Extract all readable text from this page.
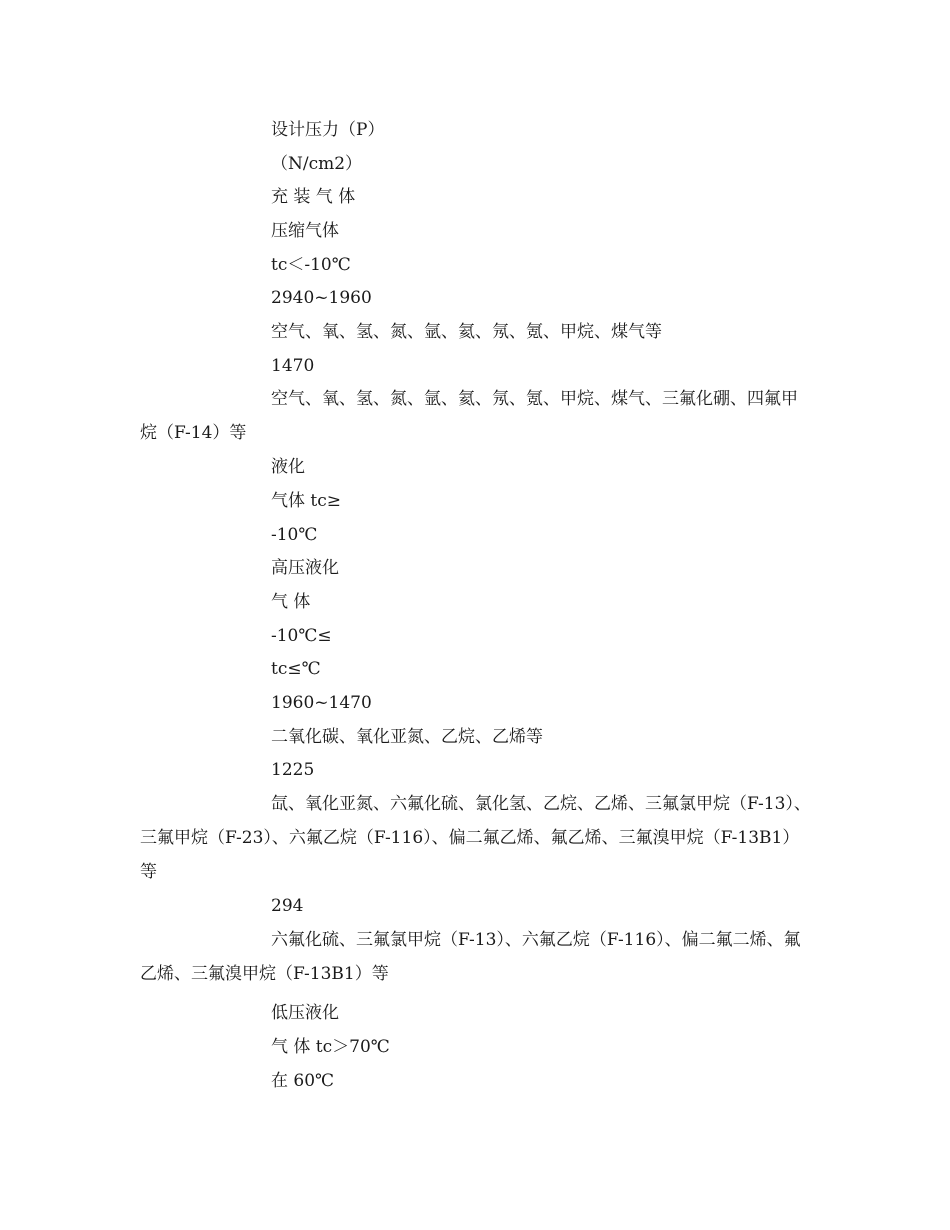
设计压力（P）

（N/cm2）

充 装 气 体

压缩气体

tc＜-10℃

2940~1960

空气、氧、氢、氮、氩、氦、氖、氪、甲烷、煤气等

1470

空气、氧、氢、氮、氩、氦、氖、氪、甲烷、煤气、三氟化硼、四氟甲烷（F-14）等

液化

气体 tc≥

-10℃

高压液化

气 体

-10℃≤

tc≤℃

1960~1470

二氧化碳、氧化亚氮、乙烷、乙烯等

1225

氙、氧化亚氮、六氟化硫、氯化氢、乙烷、乙烯、三氟氯甲烷（F-13）、三氟甲烷（F-23）、六氟乙烷（F-116）、偏二氟乙烯、氟乙烯、三氟溴甲烷（F-13B1）等

294

六氟化硫、三氟氯甲烷（F-13）、六氟乙烷（F-116）、偏二氟二烯、氟乙烯、三氟溴甲烷（F-13B1）等

低压液化

气 体 tc＞70℃

在 60℃
